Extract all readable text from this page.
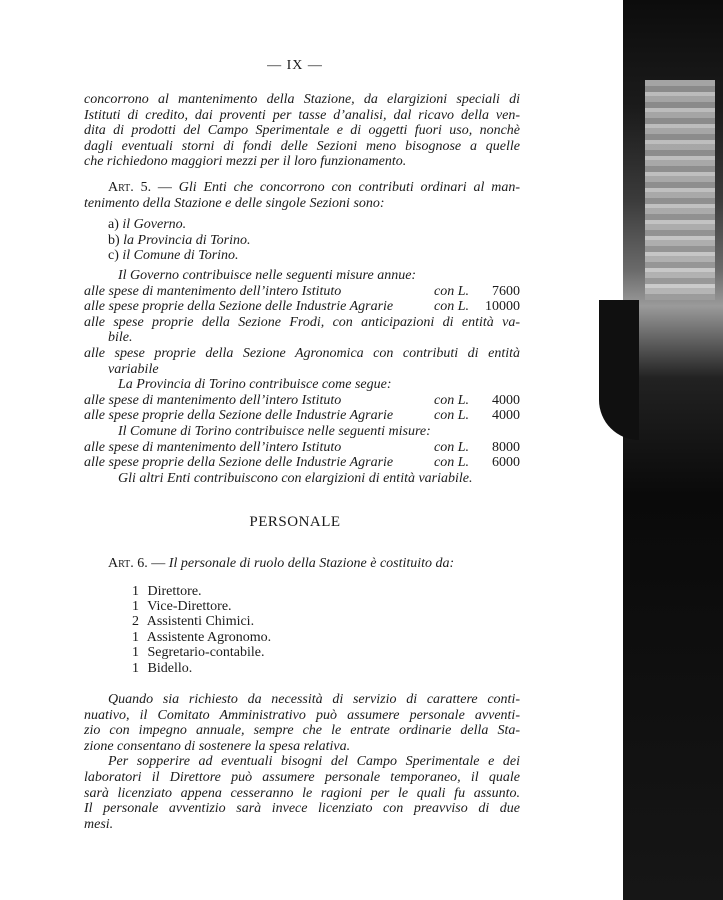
— IX —
concorrono al mantenimento della Stazione, da elargizioni speciali di
Istituti di credito, dai proventi per tasse d’analisi, dal ricavo della ven-
dita di prodotti del Campo Sperimentale e di oggetti fuori uso, nonchè
dagli eventuali storni di fondi delle Sezioni meno bisognose a quelle
che richiedono maggiori mezzi per il loro funzionamento.
Art. 5. — Gli Enti che concorrono con contributi ordinari al man-
tenimento della Stazione e delle singole Sezioni sono:
a) il Governo.
b) la Provincia di Torino.
c) il Comune di Torino.
Il Governo contribuisce nelle seguenti misure annue:
alle spese di mantenimento dell’intero Istituto	con L. 7600
alle spese proprie della Sezione delle Industrie Agrarie	con L. 10000
alle spese proprie della Sezione Frodi, con anticipazioni di entità va-
bile.
alle spese proprie della Sezione Agronomica con contributi di entità
variabile
La Provincia di Torino contribuisce come segue:
alle spese di mantenimento dell’intero Istituto	con L. 4000
alle spese proprie della Sezione delle Industrie Agrarie	con L. 4000
Il Comune di Torino contribuisce nelle seguenti misure:
alle spese di mantenimento dell’intero Istituto	con L. 8000
alle spese proprie della Sezione delle Industrie Agrarie	con L. 6000
Gli altri Enti contribuiscono con elargizioni di entità variabile.
PERSONALE
Art. 6. — Il personale di ruolo della Stazione è costituito da:
1 Direttore.
1 Vice-Direttore.
2 Assistenti Chimici.
1 Assistente Agronomo.
1 Segretario-contabile.
1 Bidello.
Quando sia richiesto da necessità di servizio di carattere conti-
nuativo, il Comitato Amministrativo può assumere personale avventi-
zio con impegno annuale, sempre che le entrate ordinarie della Sta-
zione consentano di sostenere la spesa relativa.
Per sopperire ad eventuali bisogni del Campo Sperimentale e dei
laboratori il Direttore può assumere personale temporaneo, il quale
sarà licenziato appena cesseranno le ragioni per le quali fu assunto.
Il personale avventizio sarà invece licenziato con preavviso di due
mesi.
